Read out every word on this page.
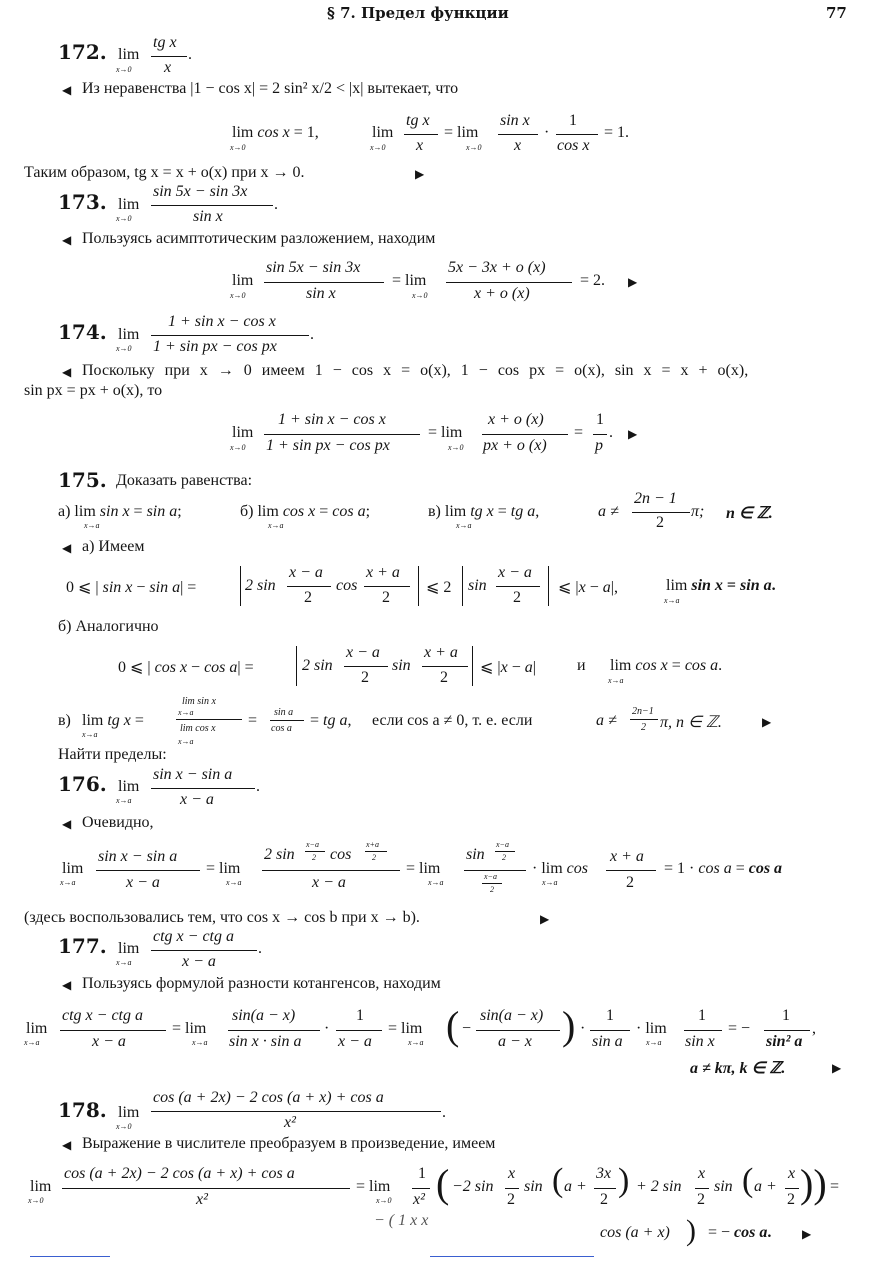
§ 7. Предел функции	77
172. lim
x→0
tg x
x
.
◀ Из неравенства |1 − cos x| = 2 sin² x/2 < |x| вытекает, что
lim cos x = 1,
x→0
lim
x→0
tg x
x
= lim
x→0
sin x
x
·
1
cos x
= 1.
Таким образом, tg x = x + o(x) при x → 0.	▶
173. lim
x→0
sin 5x − sin 3x
sin x
.
◀ Пользуясь асимптотическим разложением, находим
lim
x→0
sin 5x − sin 3x
sin x
= lim
x→0
5x − 3x + o (x)
x + o (x)
= 2. ▶
174. lim
x→0
1 + sin x − cos x
1 + sin px − cos px
.
◀ Поскольку при x → 0 имеем 1 − cos x = o(x), 1 − cos px = o(x), sin x = x + o(x),
sin px = px + o(x), то
lim
x→0
1 + sin x − cos x
1 + sin px − cos px
= lim
x→0
x + o (x)
px + o (x)
=
1
p
. ▶
175. Доказать равенства:
а) lim sin x = sin a;
x→a
б) lim cos x = cos a;
x→a
в) lim tg x = tg a,
x→a
a ≠
2n − 1
2
π; n ∈ ℤ.
◀ а) Имеем
0 ⩽ | sin x − sin a| =	2 sin
x − a
2
cos
x + a
2
⩽ 2 sin
x − a
2
⩽ |x − a|,	lim sin x = sin a.
x→a
б) Аналогично
0 ⩽ | cos x − cos a| =	2 sin
x − a
2
sin
x + a
2
⩽ |x − a|	и lim cos x = cos a.
x→a
в) lim tg x =
x→a
lim sin x
x→a
lim cos x
x→a
= sin a
cos a = tg a, если cos a ≠ 0, т. е. если	a ≠
2n−1
2 π, n ∈ ℤ.	▶
Найти пределы:
176. lim
x→a
sin x − sin a
x − a
.
◀ Очевидно,
lim
x→a
sin x − sin a
x − a
= lim
x→a
2 sin
x−a
2 cos
x+a
2
x − a
= lim
x→a
sin
x−a
2
x−a
2
· lim cos
x→a
x + a
2
= 1 · cos a = cos a
(здесь воспользовались тем, что cos x → cos b при x → b).	▶
177. lim
x→a
ctg x − ctg a
x − a
.
◀ Пользуясь формулой разности котангенсов, находим
lim
x→a
ctg x − ctg a
x − a
= lim
x→a
sin(a − x)
sin x · sin a
·
1
x − a
= lim
x→a ( −
sin(a − x)
a − x ) ·
1
sin a
· lim
x→a
1
sin x
= −
1
sin² a
,
a ≠ kπ, k ∈ ℤ.	▶
178. lim
x→0
cos (a + 2x) − 2 cos (a + x) + cos a
x²
.
◀ Выражение в числителе преобразуем в произведение, имеем
lim
x→0
cos (a + 2x) − 2 cos (a + x) + cos a
x²
= lim
x→0
1
x² ( −2 sin
x
2
sin ( a +
3x
2
) + 2 sin
x
2
sin ( a +
x
2 )) =
− ( 1 x x
cos (a + x) ) = − cos a.	▶
